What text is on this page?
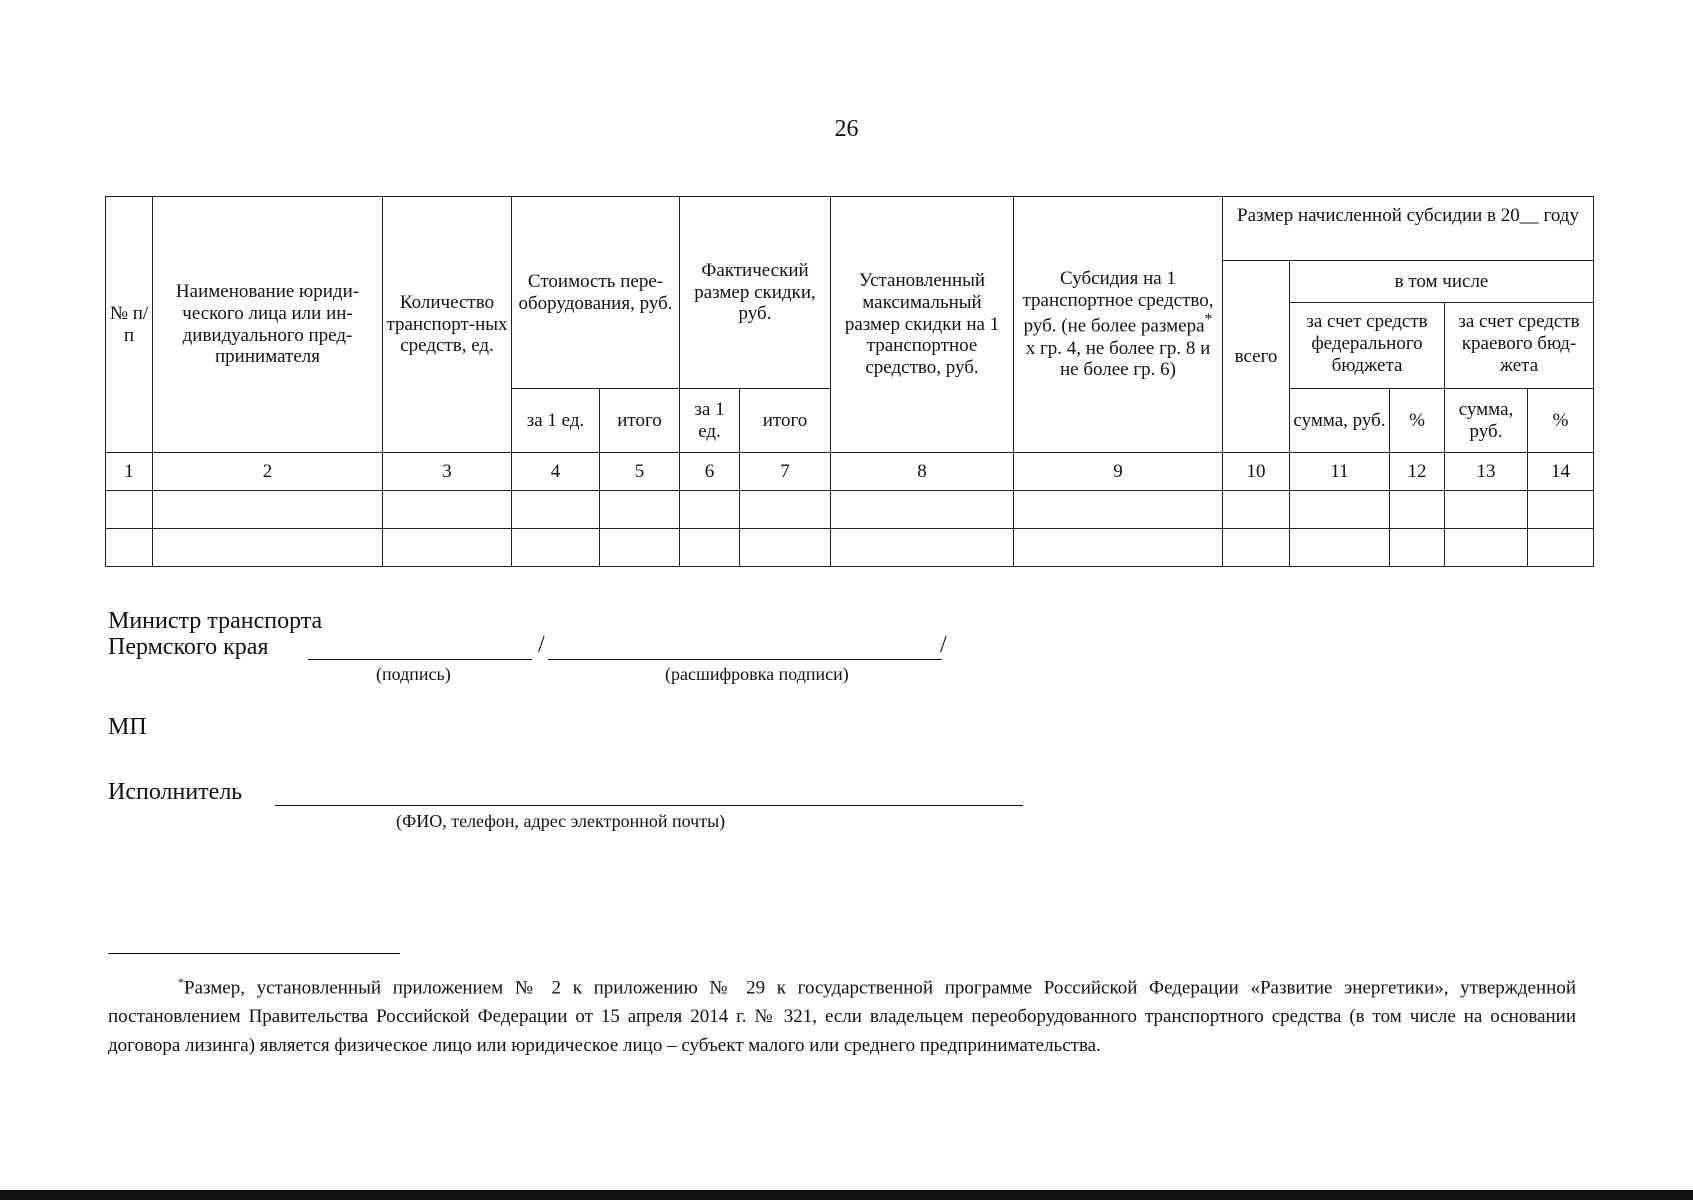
26
№ п/п	Наименование юриди-ческого лица или ин-дивидуального пред-принимателя	Количество транспорт-ных средств, ед.	Стоимость пере-оборудования, руб.		Фактический размер скидки, руб.		Установленный максимальный размер скидки на 1 транспортное средство, руб.	Субсидия на 1 транспортное средство, руб. (не более размера* х гр. 4, не более гр. 8 и не более гр. 6)	Размер начисленной субсидии в 20__ году				
									всего	в том числе			
										за счет средств федерального бюджета		за счет средств краевого бюд-жета	
			за 1 ед.	итого	за 1 ед.	итого				сумма, руб.	%	сумма, руб.	%
1	2	3	4	5	6	7	8	9	10	11	12	13	14

Министр транспорта
Пермского края	/	/
(подпись)	(расшифровка подписи)
МП
Исполнитель
(ФИО, телефон, адрес электронной почты)
*Размер, установленный приложением № 2 к приложению № 29 к государственной программе Российской Федерации «Развитие энергетики», утвержденной постановлением Правительства Российской Федерации от 15 апреля 2014 г. № 321, если владельцем переоборудованного транспортного средства (в том числе на основании договора лизинга) является физическое лицо или юридическое лицо – субъект малого или среднего предпринимательства.
